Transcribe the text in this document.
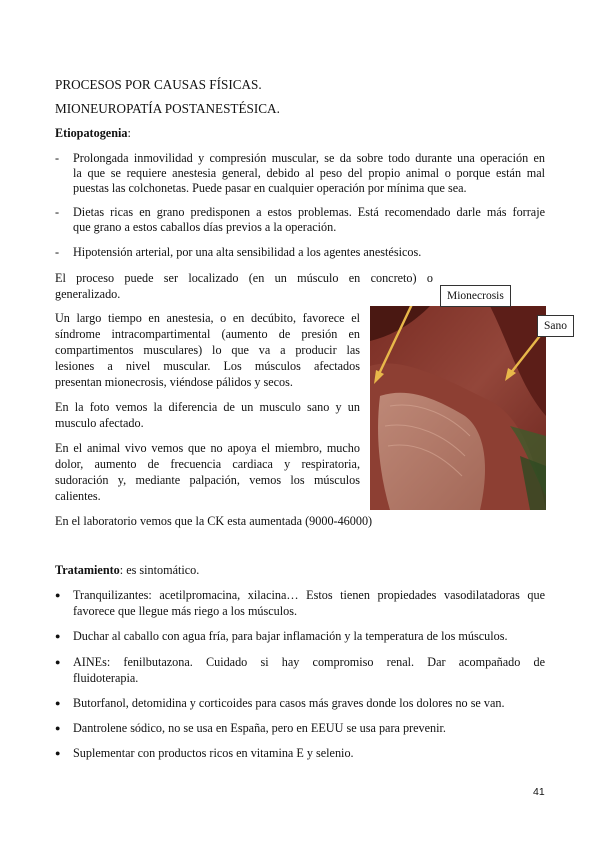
PROCESOS POR CAUSAS FÍSICAS.
MIONEUROPATÍA POSTANESTÉSICA.
Etiopatogenia:
- Prolongada inmovilidad y compresión muscular, se da sobre todo durante una operación en
la que se requiere anestesia general, debido al peso del propio animal o porque están mal
puestas las colchonetas. Puede pasar en cualquier operación por mínima que sea.
- Dietas ricas en grano predisponen a estos problemas. Está recomendado darle más forraje
que grano a estos caballos días previos a la operación.
- Hipotensión arterial, por una alta sensibilidad a los agentes anestésicos.
El proceso puede ser localizado (en un músculo en concreto) o
generalizado.
Un largo tiempo en anestesia, o en decúbito, favorece el
síndrome intracompartimental (aumento de presión en
compartimentos musculares) lo que va a producir las
lesiones a nivel muscular. Los músculos afectados
presentan mionecrosis, viéndose pálidos y secos.
En la foto vemos la diferencia de un musculo sano y un
musculo afectado.
En el animal vivo vemos que no apoya el miembro, mucho
dolor, aumento de frecuencia cardiaca y respiratoria,
sudoración y, mediante palpación, vemos los músculos
calientes.
En el laboratorio vemos que la CK esta aumentada (9000-46000)
Mionecrosis
Sano
Tratamiento: es sintomático.
● Tranquilizantes: acetilpromacina, xilacina… Estos tienen propiedades vasodilatadoras que
favorece que llegue más riego a los músculos.
● Duchar al caballo con agua fría, para bajar inflamación y la temperatura de los músculos.
● AINEs: fenilbutazona. Cuidado si hay compromiso renal. Dar acompañado de
fluidoterapia.
● Butorfanol, detomidina y corticoides para casos más graves donde los dolores no se van.
● Dantrolene sódico, no se usa en España, pero en EEUU se usa para prevenir.
● Suplementar con productos ricos en vitamina E y selenio.
41
